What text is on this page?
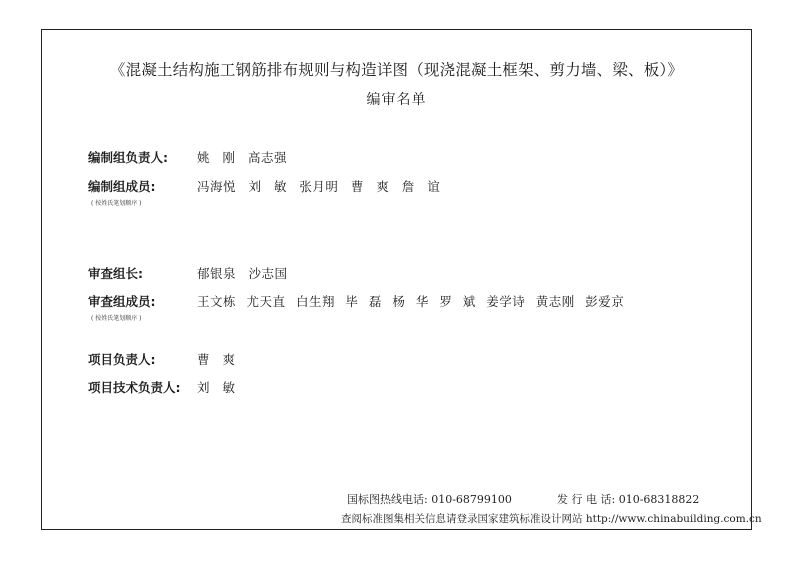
《混凝土结构施工钢筋排布规则与构造详图（现浇混凝土框架、剪力墙、梁、板）》
编审名单
编制组负责人: 姚 刚 高志强
编制组成员:	冯海悦 刘 敏 张月明 曹 爽 詹 谊
( 按姓氏笔划顺序 )
审查组长:	郁银泉 沙志国
审查组成员:	王文栋 尤天直 白生翔 毕 磊 杨 华 罗 斌 姜学诗 黄志刚 彭爱京
( 按姓氏笔划顺序 )
项目负责人:	曹 爽
项目技术负责人: 刘 敏
国标图热线电话: 010-68799100	发 行 电 话: 010-68318822
查阅标准图集相关信息请登录国家建筑标准设计网站 http://www.chinabuilding.com.cn
